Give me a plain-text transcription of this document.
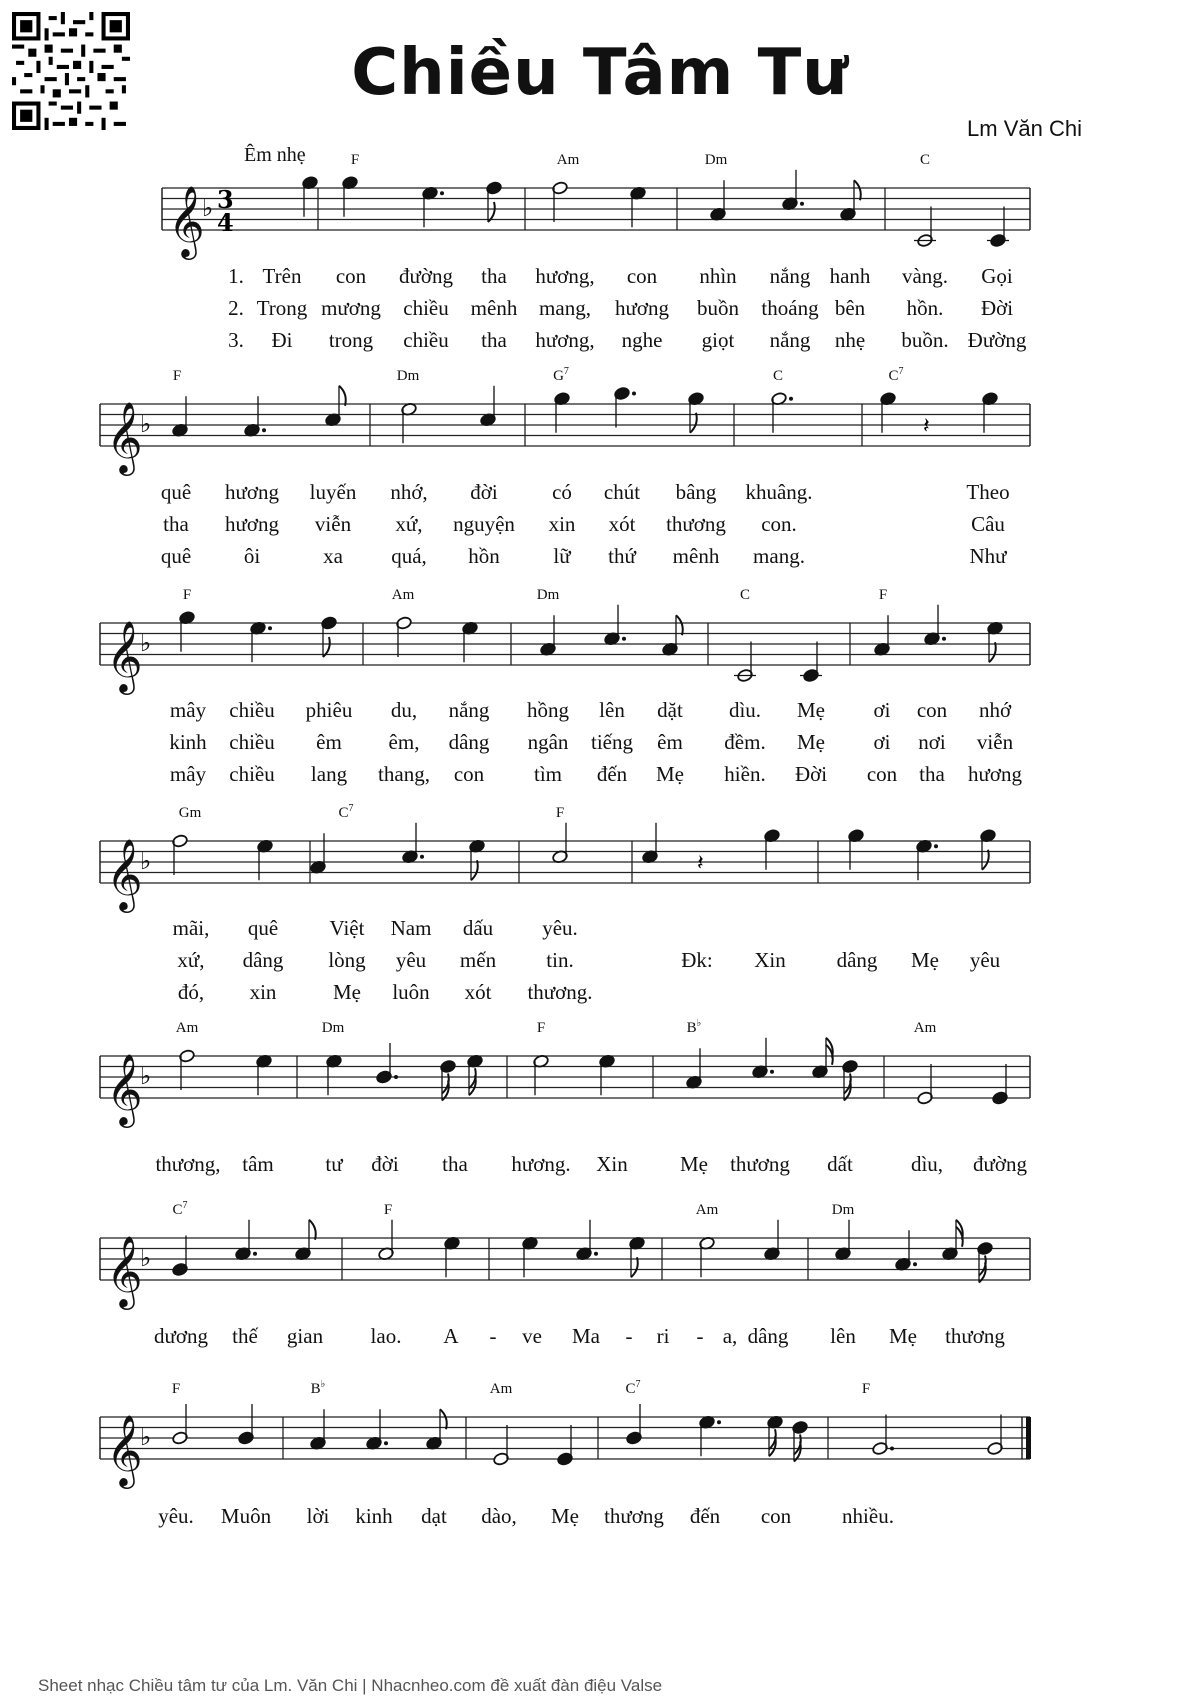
Chiều Tâm Tư
Lm Văn Chi
Êm nhẹ
𝄞
♭ 3
4
F	Am	Dm	C
1. Trên con đường tha hương, con nhìn nắng hanh vàng. Gọi
2. Trong mương chiều mênh mang, hương buồn thoáng bên hồn. Đời
3. Đi trong chiều tha hương, nghe giọt nắng nhẹ buồn. Đường
𝄞
♭	𝄽
F	Dm	$G^7$	C	$C^7$
quê hương luyến nhớ, đời	có chút bâng khuâng.	Theo
tha hương viễn xứ, nguyện xin xót thương con.	Câu
quê	ôi	xa quá, hồn	lữ thứ mênh mang.	Như
𝄞
♭
F	Am	Dm	C	F
mây chiều phiêu du, nắng hồng lên dặt dìu. Mẹ ơi con nhớ
kinh chiều êm êm, dâng ngân tiếng êm đềm. Mẹ ơi nơi viễn
mây chiều lang thang, con tìm đến Mẹ hiền. Đời con tha hương
𝄞
♭	𝄽
Gm	$C^7$	F
mãi, quê Việt Nam dấu yêu.
xứ, dâng lòng yêu mến tin.	Đk: Xin dâng Mẹ yêu
đó, xin	Mẹ luôn xót thương.
𝄞
♭
Am	Dm	F	B♭	Am
thương, tâm tư đời tha hương. Xin Mẹ thương dất	dìu, đường
𝄞
♭
$C^7$	F	Am	Dm
dương thế gian lao. A - ve Ma - ri - a, dâng lên Mẹ thương
𝄞
♭
F	B♭	Am	$C^7$	F
yêu. Muôn lời kinh dạt dào, Mẹ thương đến con nhiều.
Sheet nhạc Chiều tâm tư của Lm. Văn Chi | Nhacnheo.com đề xuất đàn điệu Valse
